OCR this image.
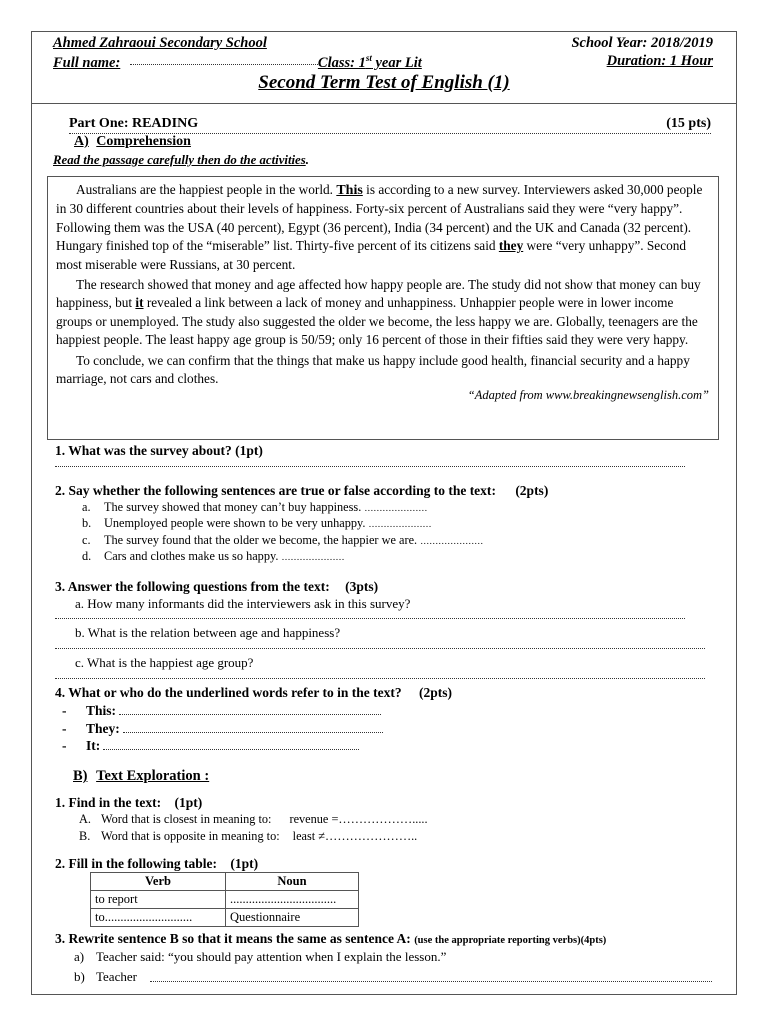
Ahmed Zahraoui Secondary School	School Year: 2018/2019
Full name:	Class: 1st year Lit	Duration: 1 Hour
Second Term Test of English (1)
Part One: READING	(15 pts)
A) Comprehension
Read the passage carefully then do the activities.

Australians are the happiest people in the world. This is according to a new survey. Interviewers asked 30,000 people in 30 different countries about their levels of happiness. Forty-six percent of Australians said they were “very happy”. Following them was the USA (40 percent), Egypt (36 percent), India (34 percent) and the UK and Canada (32 percent). Hungary finished top of the “miserable” list. Thirty-five percent of its citizens said they were “very unhappy”. Second most miserable were Russians, at 30 percent.

The research showed that money and age affected how happy people are. The study did not show that money can buy happiness, but it revealed a link between a lack of money and unhappiness. Unhappier people were in lower income groups or unemployed. The study also suggested the older we become, the less happy we are. Globally, teenagers are the happiest people. The least happy age group is 50/59; only 16 percent of those in their fifties said they were very happy.

To conclude, we can confirm that the things that make us happy include good health, financial security and a happy marriage, not cars and clothes.

“Adapted from www.breakingnewsenglish.com”
1. What was the survey about? (1pt)
2. Say whether the following sentences are true or false according to the text: (2pts)
a. The survey showed that money can’t buy happiness. …………………
b. Unemployed people were shown to be very unhappy. …………………
c. The survey found that the older we become, the happier we are. …………………
d. Cars and clothes make us so happy. …………………
3. Answer the following questions from the text: (3pts)
a. How many informants did the interviewers ask in this survey?
b. What is the relation between age and happiness?
c. What is the happiest age group?
4. What or who do the underlined words refer to in the text? (2pts)
- This:
- They:
- It:
B) Text Exploration :
1. Find in the text: (1pt)
A. Word that is closest in meaning to: revenue =……………….....
B. Word that is opposite in meaning to: least ≠…………………..
2. Fill in the following table: (1pt)
Verb	Noun
to report	..................................
to............................	Questionnaire
3. Rewrite sentence B so that it means the same as sentence A: (use the appropriate reporting verbs)(4pts)
a) Teacher said: “you should pay attention when I explain the lesson.”
b) Teacher
